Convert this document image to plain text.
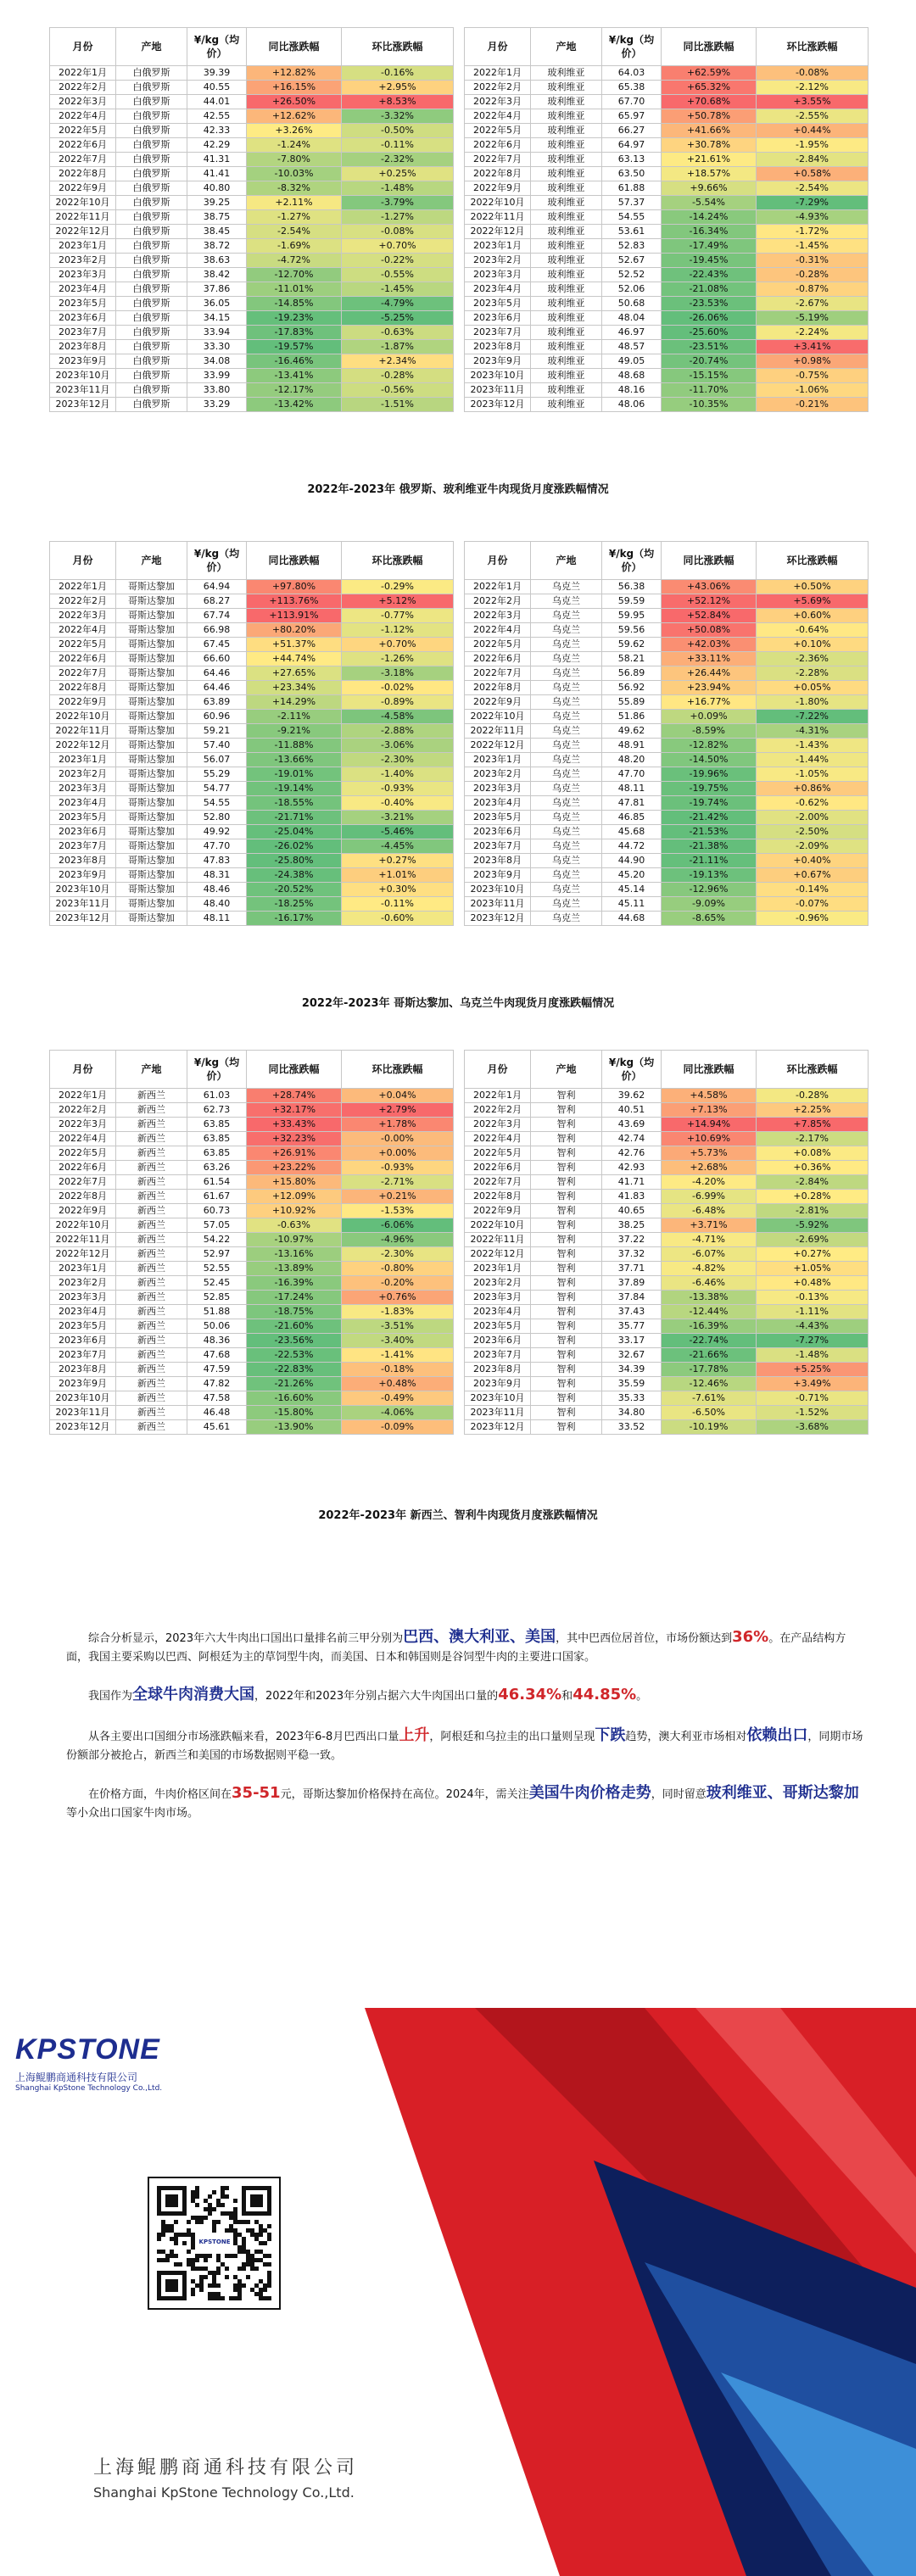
月份	产地	¥/kg（均价）	同比涨跌幅	环比涨跌幅
2022年1月	白俄罗斯	39.39	+12.82%	-0.16%
2022年2月	白俄罗斯	40.55	+16.15%	+2.95%
2022年3月	白俄罗斯	44.01	+26.50%	+8.53%
2022年4月	白俄罗斯	42.55	+12.62%	-3.32%
2022年5月	白俄罗斯	42.33	+3.26%	-0.50%
2022年6月	白俄罗斯	42.29	-1.24%	-0.11%
2022年7月	白俄罗斯	41.31	-7.80%	-2.32%
2022年8月	白俄罗斯	41.41	-10.03%	+0.25%
2022年9月	白俄罗斯	40.80	-8.32%	-1.48%
2022年10月	白俄罗斯	39.25	+2.11%	-3.79%
2022年11月	白俄罗斯	38.75	-1.27%	-1.27%
2022年12月	白俄罗斯	38.45	-2.54%	-0.08%
2023年1月	白俄罗斯	38.72	-1.69%	+0.70%
2023年2月	白俄罗斯	38.63	-4.72%	-0.22%
2023年3月	白俄罗斯	38.42	-12.70%	-0.55%
2023年4月	白俄罗斯	37.86	-11.01%	-1.45%
2023年5月	白俄罗斯	36.05	-14.85%	-4.79%
2023年6月	白俄罗斯	34.15	-19.23%	-5.25%
2023年7月	白俄罗斯	33.94	-17.83%	-0.63%
2023年8月	白俄罗斯	33.30	-19.57%	-1.87%
2023年9月	白俄罗斯	34.08	-16.46%	+2.34%
2023年10月	白俄罗斯	33.99	-13.41%	-0.28%
2023年11月	白俄罗斯	33.80	-12.17%	-0.56%
2023年12月	白俄罗斯	33.29	-13.42%	-1.51%
月份	产地	¥/kg（均价）	同比涨跌幅	环比涨跌幅
2022年1月	玻利维亚	64.03	+62.59%	-0.08%
2022年2月	玻利维亚	65.38	+65.32%	-2.12%
2022年3月	玻利维亚	67.70	+70.68%	+3.55%
2022年4月	玻利维亚	65.97	+50.78%	-2.55%
2022年5月	玻利维亚	66.27	+41.66%	+0.44%
2022年6月	玻利维亚	64.97	+30.78%	-1.95%
2022年7月	玻利维亚	63.13	+21.61%	-2.84%
2022年8月	玻利维亚	63.50	+18.57%	+0.58%
2022年9月	玻利维亚	61.88	+9.66%	-2.54%
2022年10月	玻利维亚	57.37	-5.54%	-7.29%
2022年11月	玻利维亚	54.55	-14.24%	-4.93%
2022年12月	玻利维亚	53.61	-16.34%	-1.72%
2023年1月	玻利维亚	52.83	-17.49%	-1.45%
2023年2月	玻利维亚	52.67	-19.45%	-0.31%
2023年3月	玻利维亚	52.52	-22.43%	-0.28%
2023年4月	玻利维亚	52.06	-21.08%	-0.87%
2023年5月	玻利维亚	50.68	-23.53%	-2.67%
2023年6月	玻利维亚	48.04	-26.06%	-5.19%
2023年7月	玻利维亚	46.97	-25.60%	-2.24%
2023年8月	玻利维亚	48.57	-23.51%	+3.41%
2023年9月	玻利维亚	49.05	-20.74%	+0.98%
2023年10月	玻利维亚	48.68	-15.15%	-0.75%
2023年11月	玻利维亚	48.16	-11.70%	-1.06%
2023年12月	玻利维亚	48.06	-10.35%	-0.21%
2022年-2023年 俄罗斯、玻利维亚牛肉现货月度涨跌幅情况
月份	产地	¥/kg（均价）	同比涨跌幅	环比涨跌幅
2022年1月	哥斯达黎加	64.94	+97.80%	-0.29%
2022年2月	哥斯达黎加	68.27	+113.76%	+5.12%
2022年3月	哥斯达黎加	67.74	+113.91%	-0.77%
2022年4月	哥斯达黎加	66.98	+80.20%	-1.12%
2022年5月	哥斯达黎加	67.45	+51.37%	+0.70%
2022年6月	哥斯达黎加	66.60	+44.74%	-1.26%
2022年7月	哥斯达黎加	64.46	+27.65%	-3.18%
2022年8月	哥斯达黎加	64.46	+23.34%	-0.02%
2022年9月	哥斯达黎加	63.89	+14.29%	-0.89%
2022年10月	哥斯达黎加	60.96	-2.11%	-4.58%
2022年11月	哥斯达黎加	59.21	-9.21%	-2.88%
2022年12月	哥斯达黎加	57.40	-11.88%	-3.06%
2023年1月	哥斯达黎加	56.07	-13.66%	-2.30%
2023年2月	哥斯达黎加	55.29	-19.01%	-1.40%
2023年3月	哥斯达黎加	54.77	-19.14%	-0.93%
2023年4月	哥斯达黎加	54.55	-18.55%	-0.40%
2023年5月	哥斯达黎加	52.80	-21.71%	-3.21%
2023年6月	哥斯达黎加	49.92	-25.04%	-5.46%
2023年7月	哥斯达黎加	47.70	-26.02%	-4.45%
2023年8月	哥斯达黎加	47.83	-25.80%	+0.27%
2023年9月	哥斯达黎加	48.31	-24.38%	+1.01%
2023年10月	哥斯达黎加	48.46	-20.52%	+0.30%
2023年11月	哥斯达黎加	48.40	-18.25%	-0.11%
2023年12月	哥斯达黎加	48.11	-16.17%	-0.60%
月份	产地	¥/kg（均价）	同比涨跌幅	环比涨跌幅
2022年1月	乌克兰	56.38	+43.06%	+0.50%
2022年2月	乌克兰	59.59	+52.12%	+5.69%
2022年3月	乌克兰	59.95	+52.84%	+0.60%
2022年4月	乌克兰	59.56	+50.08%	-0.64%
2022年5月	乌克兰	59.62	+42.03%	+0.10%
2022年6月	乌克兰	58.21	+33.11%	-2.36%
2022年7月	乌克兰	56.89	+26.44%	-2.28%
2022年8月	乌克兰	56.92	+23.94%	+0.05%
2022年9月	乌克兰	55.89	+16.77%	-1.80%
2022年10月	乌克兰	51.86	+0.09%	-7.22%
2022年11月	乌克兰	49.62	-8.59%	-4.31%
2022年12月	乌克兰	48.91	-12.82%	-1.43%
2023年1月	乌克兰	48.20	-14.50%	-1.44%
2023年2月	乌克兰	47.70	-19.96%	-1.05%
2023年3月	乌克兰	48.11	-19.75%	+0.86%
2023年4月	乌克兰	47.81	-19.74%	-0.62%
2023年5月	乌克兰	46.85	-21.42%	-2.00%
2023年6月	乌克兰	45.68	-21.53%	-2.50%
2023年7月	乌克兰	44.72	-21.38%	-2.09%
2023年8月	乌克兰	44.90	-21.11%	+0.40%
2023年9月	乌克兰	45.20	-19.13%	+0.67%
2023年10月	乌克兰	45.14	-12.96%	-0.14%
2023年11月	乌克兰	45.11	-9.09%	-0.07%
2023年12月	乌克兰	44.68	-8.65%	-0.96%
2022年-2023年 哥斯达黎加、乌克兰牛肉现货月度涨跌幅情况
月份	产地	¥/kg（均价）	同比涨跌幅	环比涨跌幅
2022年1月	新西兰	61.03	+28.74%	+0.04%
2022年2月	新西兰	62.73	+32.17%	+2.79%
2022年3月	新西兰	63.85	+33.43%	+1.78%
2022年4月	新西兰	63.85	+32.23%	-0.00%
2022年5月	新西兰	63.85	+26.91%	+0.00%
2022年6月	新西兰	63.26	+23.22%	-0.93%
2022年7月	新西兰	61.54	+15.80%	-2.71%
2022年8月	新西兰	61.67	+12.09%	+0.21%
2022年9月	新西兰	60.73	+10.92%	-1.53%
2022年10月	新西兰	57.05	-0.63%	-6.06%
2022年11月	新西兰	54.22	-10.97%	-4.96%
2022年12月	新西兰	52.97	-13.16%	-2.30%
2023年1月	新西兰	52.55	-13.89%	-0.80%
2023年2月	新西兰	52.45	-16.39%	-0.20%
2023年3月	新西兰	52.85	-17.24%	+0.76%
2023年4月	新西兰	51.88	-18.75%	-1.83%
2023年5月	新西兰	50.06	-21.60%	-3.51%
2023年6月	新西兰	48.36	-23.56%	-3.40%
2023年7月	新西兰	47.68	-22.53%	-1.41%
2023年8月	新西兰	47.59	-22.83%	-0.18%
2023年9月	新西兰	47.82	-21.26%	+0.48%
2023年10月	新西兰	47.58	-16.60%	-0.49%
2023年11月	新西兰	46.48	-15.80%	-4.06%
2023年12月	新西兰	45.61	-13.90%	-0.09%
月份	产地	¥/kg（均价）	同比涨跌幅	环比涨跌幅
2022年1月	智利	39.62	+4.58%	-0.28%
2022年2月	智利	40.51	+7.13%	+2.25%
2022年3月	智利	43.69	+14.94%	+7.85%
2022年4月	智利	42.74	+10.69%	-2.17%
2022年5月	智利	42.76	+5.73%	+0.08%
2022年6月	智利	42.93	+2.68%	+0.36%
2022年7月	智利	41.71	-4.20%	-2.84%
2022年8月	智利	41.83	-6.99%	+0.28%
2022年9月	智利	40.65	-6.48%	-2.81%
2022年10月	智利	38.25	+3.71%	-5.92%
2022年11月	智利	37.22	-4.71%	-2.69%
2022年12月	智利	37.32	-6.07%	+0.27%
2023年1月	智利	37.71	-4.82%	+1.05%
2023年2月	智利	37.89	-6.46%	+0.48%
2023年3月	智利	37.84	-13.38%	-0.13%
2023年4月	智利	37.43	-12.44%	-1.11%
2023年5月	智利	35.77	-16.39%	-4.43%
2023年6月	智利	33.17	-22.74%	-7.27%
2023年7月	智利	32.67	-21.66%	-1.48%
2023年8月	智利	34.39	-17.78%	+5.25%
2023年9月	智利	35.59	-12.46%	+3.49%
2023年10月	智利	35.33	-7.61%	-0.71%
2023年11月	智利	34.80	-6.50%	-1.52%
2023年12月	智利	33.52	-10.19%	-3.68%
2022年-2023年 新西兰、智利牛肉现货月度涨跌幅情况
综合分析显示，2023年六大牛肉出口国出口量排名前三甲分别为巴西、澳大利亚、美国，其中巴西位居首位，市场份额达到36%。在产品结构方面，我国主要采购以巴西、阿根廷为主的草饲型牛肉，而美国、日本和韩国则是谷饲型牛肉的主要进口国家。
我国作为全球牛肉消费大国，2022年和2023年分别占据六大牛肉国出口量的46.34%和44.85%。
从各主要出口国细分市场涨跌幅来看，2023年6-8月巴西出口量上升，阿根廷和乌拉圭的出口量则呈现下跌趋势，澳大利亚市场相对依赖出口，同期市场份额部分被抢占，新西兰和美国的市场数据则平稳一致。
在价格方面，牛肉价格区间在35-51元，哥斯达黎加价格保持在高位。2024年，需关注美国牛肉价格走势，同时留意玻利维亚、哥斯达黎加等小众出口国家牛肉市场。
KPSTONE
上海鲲鹏商通科技有限公司
Shanghai KpStone Technology Co.,Ltd.
KPSTONE
上海鲲鹏商通科技有限公司
Shanghai KpStone Technology Co.,Ltd.
